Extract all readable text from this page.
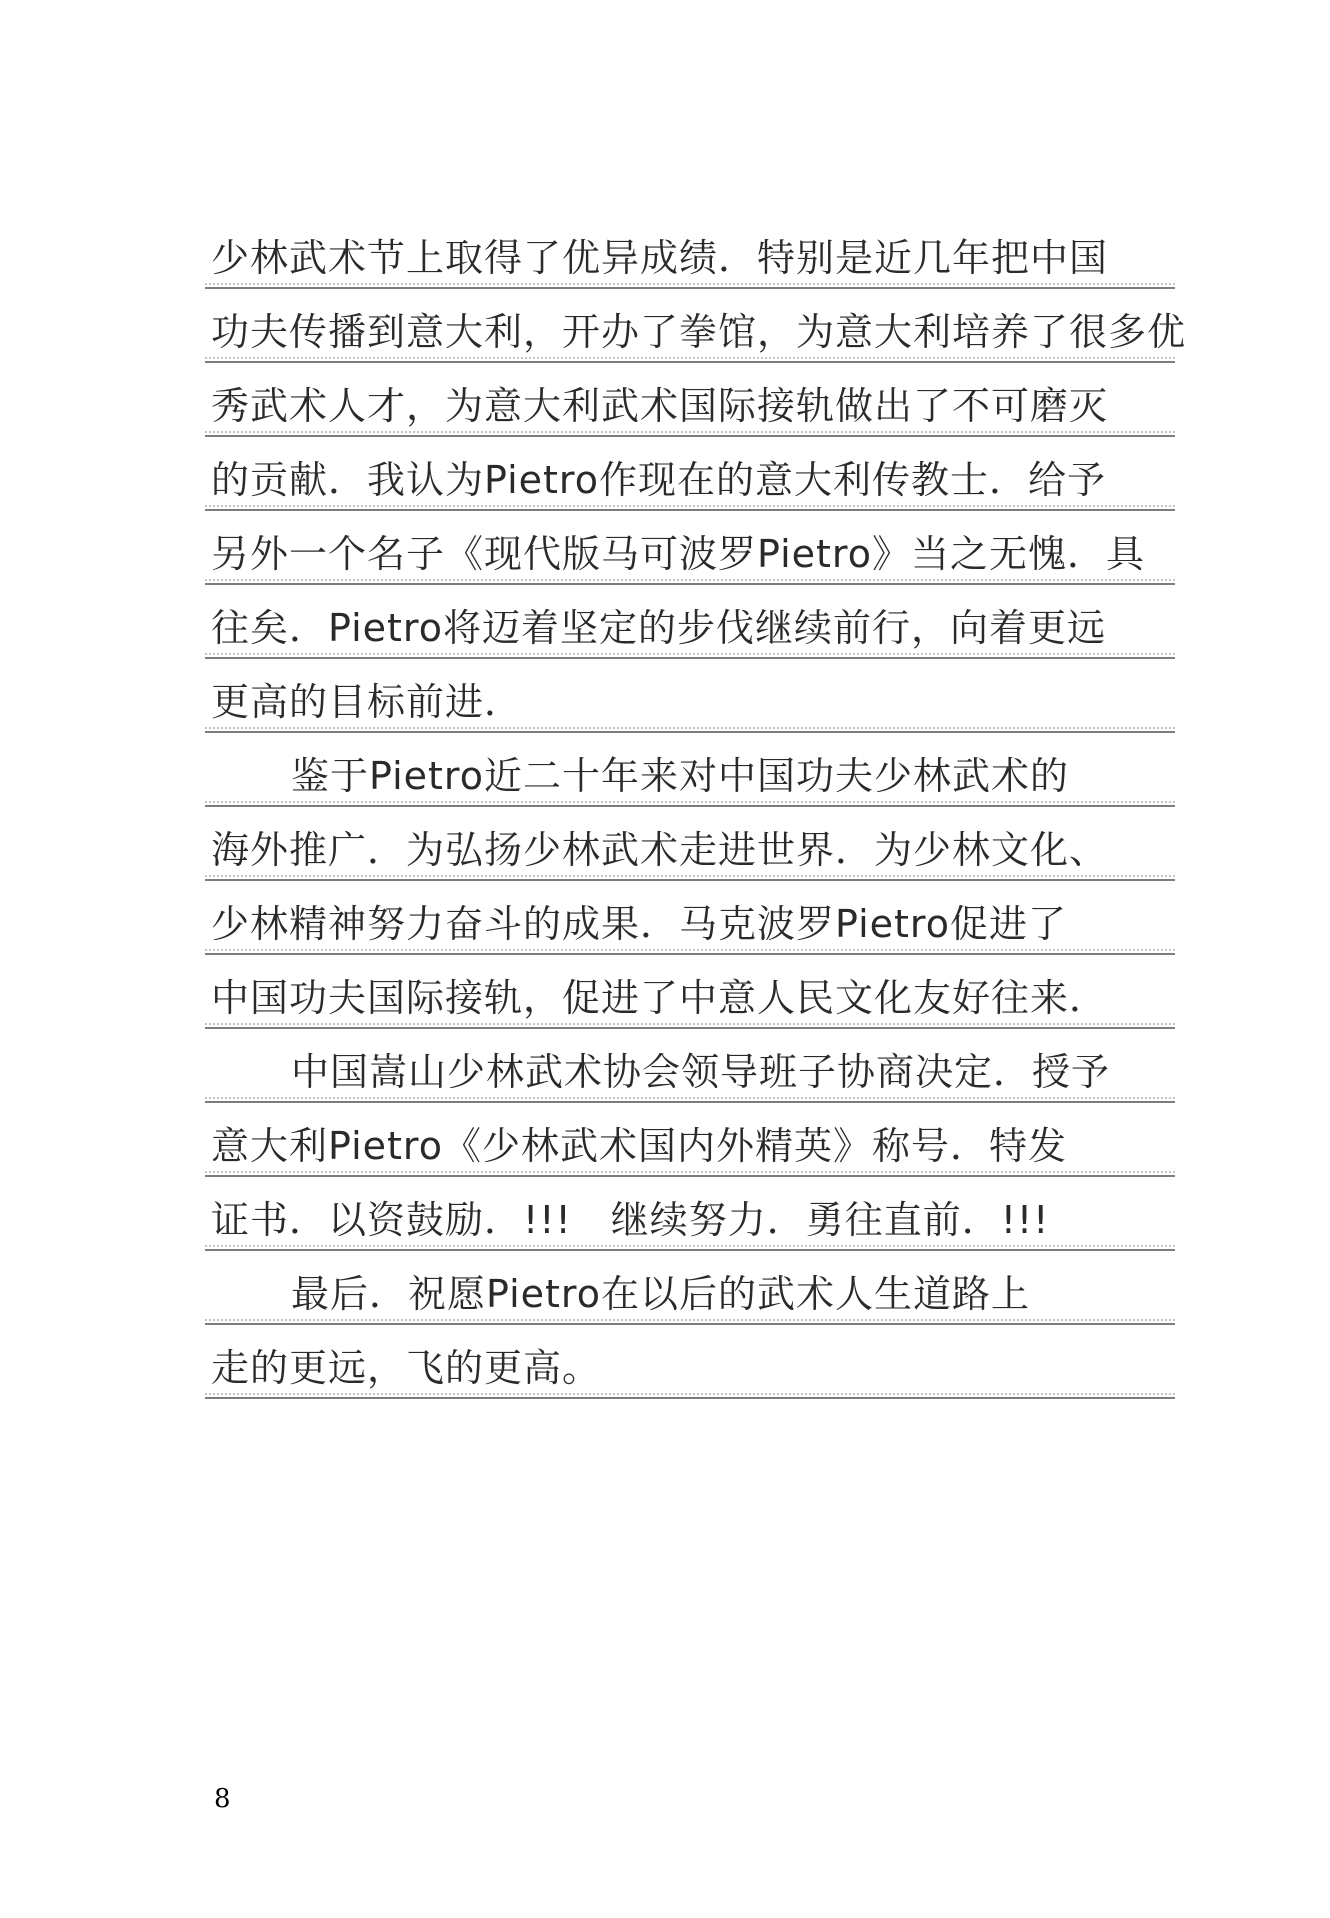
少林武术节上取得了优异成绩．特别是近几年把中国
功夫传播到意大利，开办了拳馆，为意大利培养了很多优
秀武术人才，为意大利武术国际接轨做出了不可磨灭
的贡献．我认为Pietro作现在的意大利传教士．给予
另外一个名子《现代版马可波罗Pietro》当之无愧．具
往矣．Pietro将迈着坚定的步伐继续前行，向着更远
更高的目标前进．
鉴于Pietro近二十年来对中国功夫少林武术的
海外推广．为弘扬少林武术走进世界．为少林文化、
少林精神努力奋斗的成果．马克波罗Pietro促进了
中国功夫国际接轨，促进了中意人民文化友好往来．
中国嵩山少林武术协会领导班子协商决定．授予
意大利Pietro《少林武术国内外精英》称号．特发
证书．以资鼓励．!!!　继续努力．勇往直前．!!!
最后．祝愿Pietro在以后的武术人生道路上
走的更远，飞的更高。
8
